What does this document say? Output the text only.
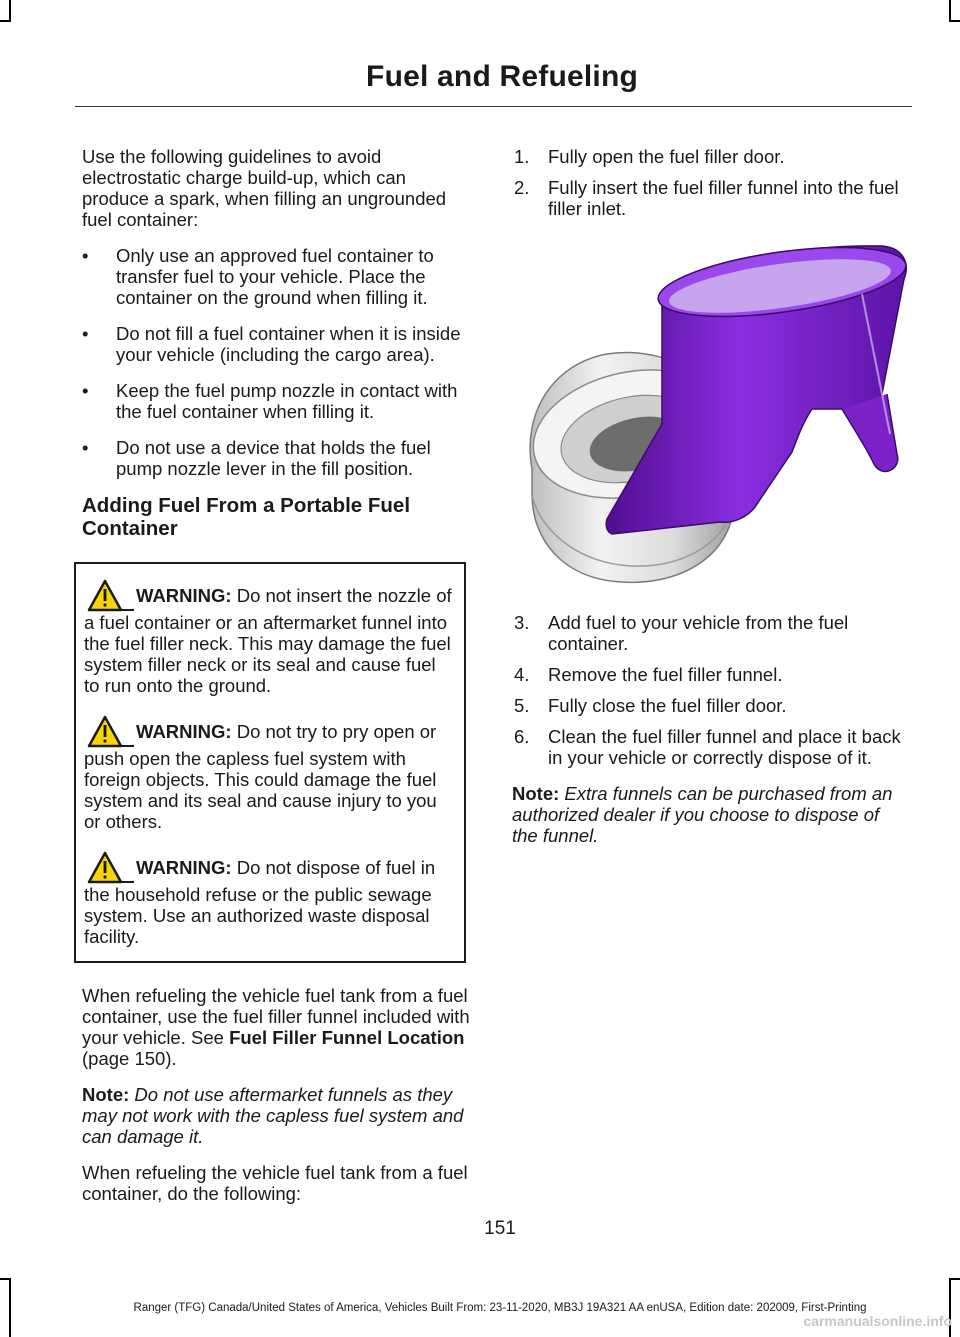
Fuel and Refueling

Use the following guidelines to avoid electrostatic charge build-up, which can produce a spark, when filling an ungrounded fuel container:

• Only use an approved fuel container to transfer fuel to your vehicle. Place the container on the ground when filling it.
• Do not fill a fuel container when it is inside your vehicle (including the cargo area).
• Keep the fuel pump nozzle in contact with the fuel container when filling it.
• Do not use a device that holds the fuel pump nozzle lever in the fill position.
Adding Fuel From a Portable Fuel Container
WARNING: Do not insert the nozzle of a fuel container or an aftermarket funnel into the fuel filler neck. This may damage the fuel system filler neck or its seal and cause fuel to run onto the ground.
WARNING: Do not try to pry open or push open the capless fuel system with foreign objects. This could damage the fuel system and its seal and cause injury to you or others.
WARNING: Do not dispose of fuel in the household refuse or the public sewage system. Use an authorized waste disposal facility.

When refueling the vehicle fuel tank from a fuel container, use the fuel filler funnel included with your vehicle. See Fuel Filler Funnel Location (page 150).

Note: Do not use aftermarket funnels as they may not work with the capless fuel system and can damage it.

When refueling the vehicle fuel tank from a fuel container, do the following:

1. Fully open the fuel filler door.
2. Fully insert the fuel filler funnel into the fuel filler inlet.
3. Add fuel to your vehicle from the fuel container.
4. Remove the fuel filler funnel.
5. Fully close the fuel filler door.
6. Clean the fuel filler funnel and place it back in your vehicle or correctly dispose of it.

Note: Extra funnels can be purchased from an authorized dealer if you choose to dispose of the funnel.

151
Ranger (TFG) Canada/United States of America, Vehicles Built From: 23-11-2020, MB3J 19A321 AA enUSA, Edition date: 202009, First-Printing
carmanualsonline.info
